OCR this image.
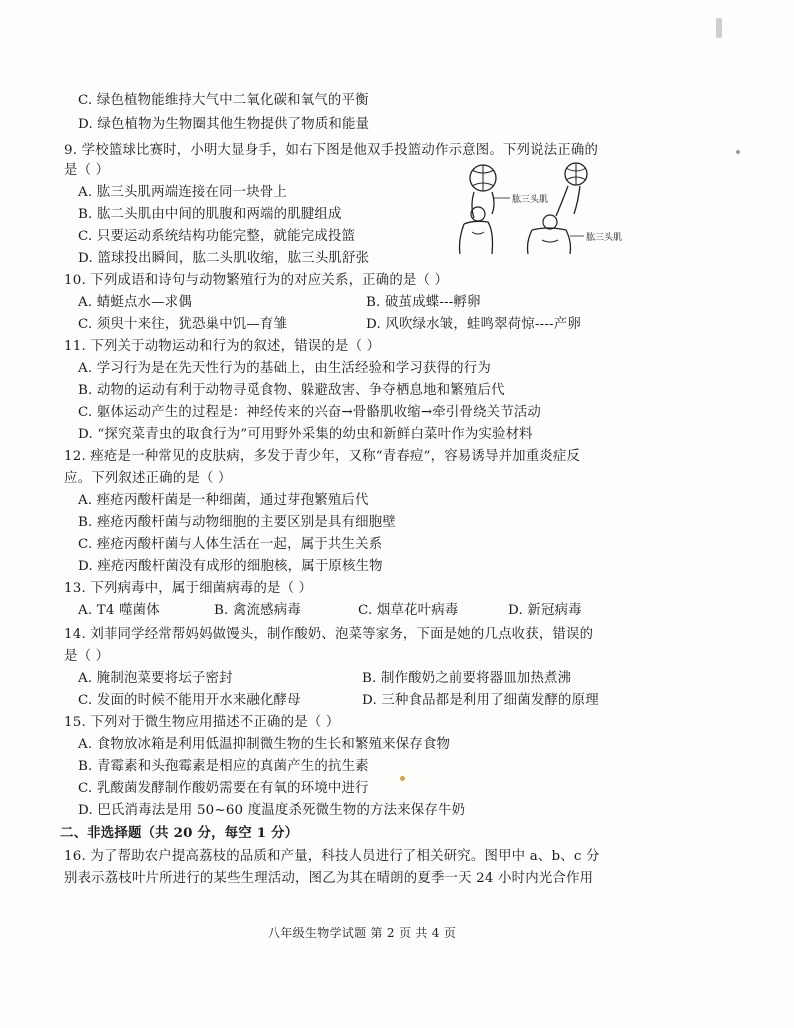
C. 绿色植物能维持大气中二氧化碳和氧气的平衡
D. 绿色植物为生物圈其他生物提供了物质和能量
9. 学校篮球比赛时，小明大显身手，如右下图是他双手投篮动作示意图。下列说法正确的
是（ ）
A. 肱三头肌两端连接在同一块骨上
B. 肱二头肌由中间的肌腹和两端的肌腱组成
C. 只要运动系统结构功能完整，就能完成投篮
D. 篮球投出瞬间，肱二头肌收缩，肱三头肌舒张
肱三头肌
肱三头肌
10. 下列成语和诗句与动物繁殖行为的对应关系，正确的是（ ）
A. 蜻蜓点水—求偶	B. 破茧成蝶---孵卵
C. 须臾十来往，犹恐巢中饥—育雏	D. 风吹绿水皱，蛙鸣翠荷惊----产卵
11. 下列关于动物运动和行为的叙述，错误的是（ ）
A. 学习行为是在先天性行为的基础上，由生活经验和学习获得的行为
B. 动物的运动有利于动物寻觅食物、躲避敌害、争夺栖息地和繁殖后代
C. 躯体运动产生的过程是：神经传来的兴奋→骨骼肌收缩→牵引骨绕关节活动
D. “探究菜青虫的取食行为”可用野外采集的幼虫和新鲜白菜叶作为实验材料
12. 痤疮是一种常见的皮肤病，多发于青少年，又称“青春痘”，容易诱导并加重炎症反
应。下列叙述正确的是（ ）
A. 痤疮丙酸杆菌是一种细菌，通过芽孢繁殖后代
B. 痤疮丙酸杆菌与动物细胞的主要区别是具有细胞壁
C. 痤疮丙酸杆菌与人体生活在一起，属于共生关系
D. 痤疮丙酸杆菌没有成形的细胞核，属于原核生物
13. 下列病毒中，属于细菌病毒的是（ ）
A. T4 噬菌体	B. 禽流感病毒	C. 烟草花叶病毒	D. 新冠病毒
14. 刘菲同学经常帮妈妈做馒头，制作酸奶、泡菜等家务，下面是她的几点收获，错误的
是（ ）
A. 腌制泡菜要将坛子密封	B. 制作酸奶之前要将器皿加热煮沸
C. 发面的时候不能用开水来融化酵母	D. 三种食品都是利用了细菌发酵的原理
15. 下列对于微生物应用描述不正确的是（ ）
A. 食物放冰箱是利用低温抑制微生物的生长和繁殖来保存食物
B. 青霉素和头孢霉素是相应的真菌产生的抗生素
C. 乳酸菌发酵制作酸奶需要在有氧的环境中进行
D. 巴氏消毒法是用 50~60 度温度杀死微生物的方法来保存牛奶
二、非选择题（共 20 分，每空 1 分）
16. 为了帮助农户提高荔枝的品质和产量，科技人员进行了相关研究。图甲中 a、b、c 分
别表示荔枝叶片所进行的某些生理活动，图乙为其在晴朗的夏季一天 24 小时内光合作用
八年级生物学试题 第 2 页 共 4 页
